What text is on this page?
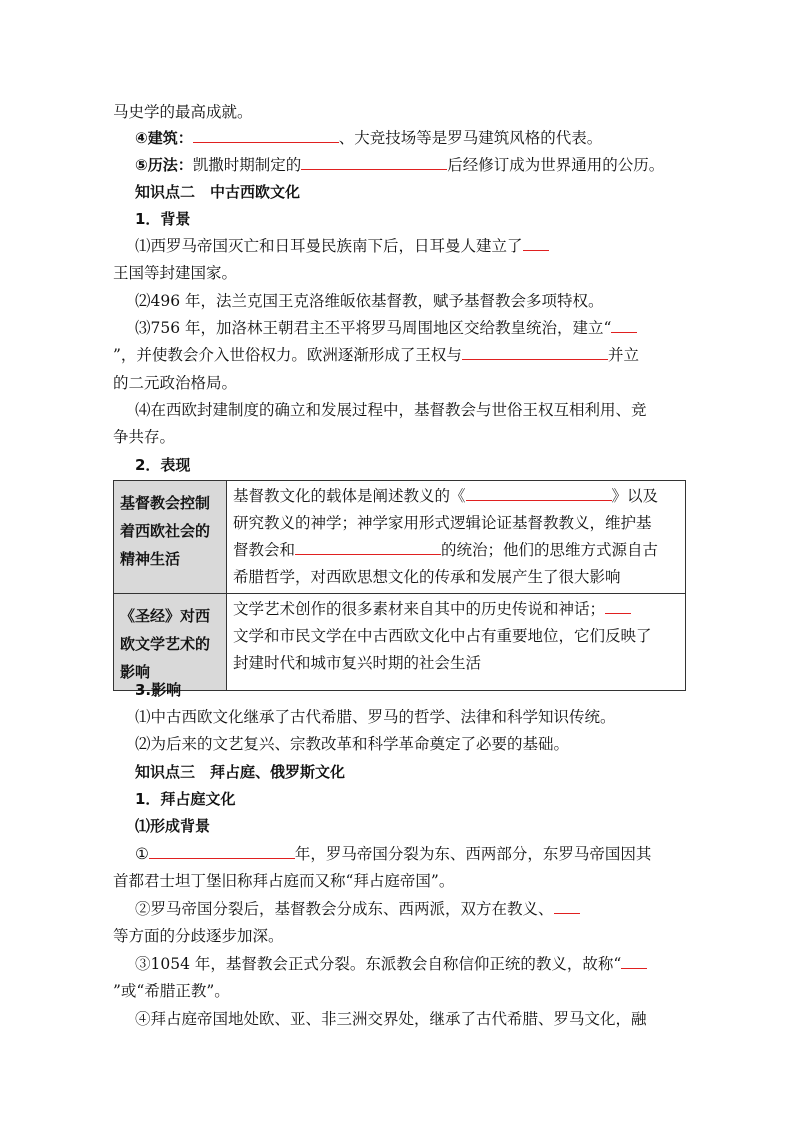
马史学的最高成就。
④建筑：	、大竞技场等是罗马建筑风格的代表。
⑤历法：凯撒时期制定的	后经修订成为世界通用的公历。
知识点二　中古西欧文化
1．背景
⑴西罗马帝国灭亡和日耳曼民族南下后，日耳曼人建立了
王国等封建国家。
⑵496 年，法兰克国王克洛维皈依基督教，赋予基督教会多项特权。
⑶756 年，加洛林王朝君主丕平将罗马周围地区交给教皇统治，建立“
”，并使教会介入世俗权力。欧洲逐渐形成了王权与	并立
的二元政治格局。
⑷在西欧封建制度的确立和发展过程中，基督教会与世俗王权互相利用、竞
争共存。
2．表现
基督教会控制
着西欧社会的
精神生活	基督教文化的载体是阐述教义的《 》以及
研究教义的神学；神学家用形式逻辑论证基督教教义，维护基
督教会和 的统治；他们的思维方式源自古
希腊哲学，对西欧思想文化的传承和发展产生了很大影响

《圣经》对西
欧文学艺术的
影响	文学艺术创作的很多素材来自其中的历史传说和神话；
文学和市民文学在中古西欧文化中占有重要地位，它们反映了
封建时代和城市复兴时期的社会生活
3.影响
⑴中古西欧文化继承了古代希腊、罗马的哲学、法律和科学知识传统。
⑵为后来的文艺复兴、宗教改革和科学革命奠定了必要的基础。
知识点三　拜占庭、俄罗斯文化
1．拜占庭文化
⑴形成背景
①	年，罗马帝国分裂为东、西两部分，东罗马帝国因其
首都君士坦丁堡旧称拜占庭而又称“拜占庭帝国”。
②罗马帝国分裂后，基督教会分成东、西两派，双方在教义、
等方面的分歧逐步加深。
③1054 年，基督教会正式分裂。东派教会自称信仰正统的教义，故称“
”或“希腊正教”。
④拜占庭帝国地处欧、亚、非三洲交界处，继承了古代希腊、罗马文化，融
